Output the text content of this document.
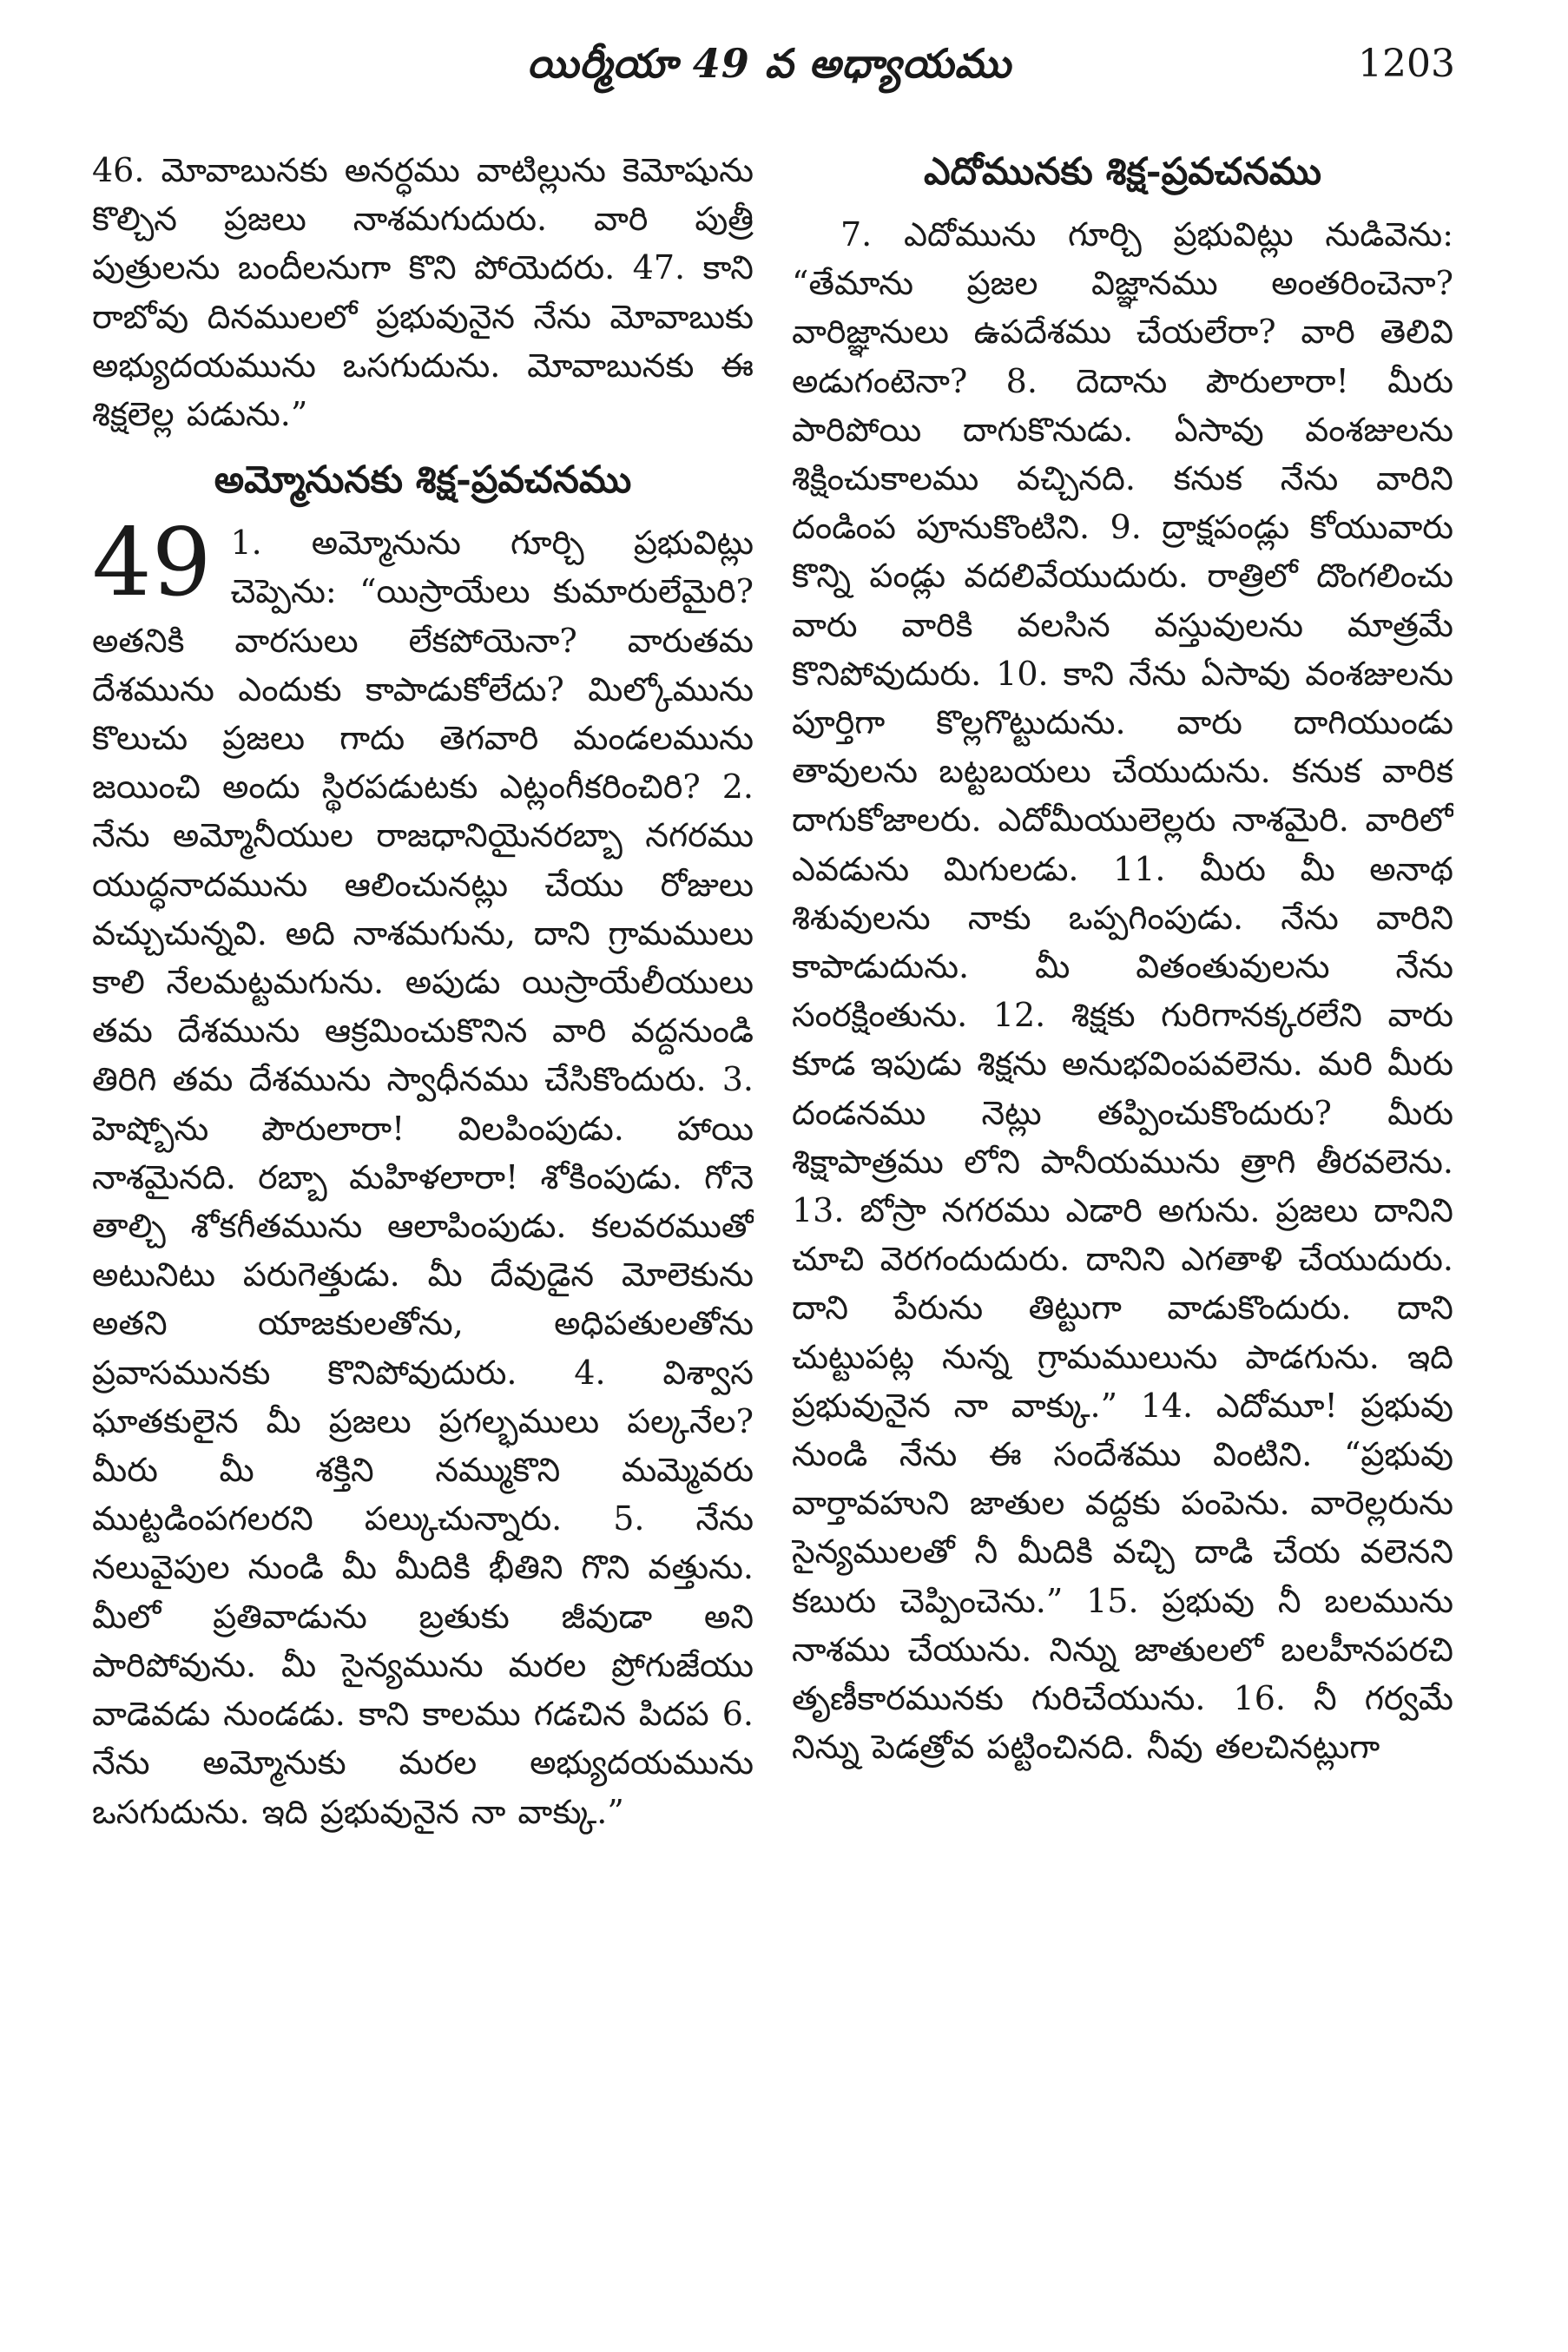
యిర్మీయా 49 వ అధ్యాయము	1203

46. మోవాబునకు అనర్ధము వాటిల్లును కెమోషును కొల్చిన ప్రజలు నాశమగుదురు. వారి పుత్రీ పుత్రులను బందీలనుగా కొని పోయెదరు. 47. కాని రాబోవు దినములలో ప్రభువునైన నేను మోవాబుకు అభ్యుదయమును ఒసగుదును. మోవాబునకు ఈ శిక్షలెల్ల పడును.”

అమ్మోనునకు శిక్ష-ప్రవచనము
49 1. అమ్మోనును గూర్చి ప్రభువిట్లు చెప్పెను: “యిస్రాయేలు కుమారులేమైరి? అతనికి వారసులు లేకపోయెనా? వారుతమ దేశమును ఎందుకు కాపాడుకోలేదు? మిల్కోమును కొలుచు ప్రజలు గాదు తెగవారి మండలమును జయించి అందు స్థిరపడుటకు ఎట్లంగీకరించిరి? 2. నేను అమ్మోనీయుల రాజధానియైనరబ్బా నగరము యుద్ధనాదమును ఆలించునట్లు చేయు రోజులు వచ్చుచున్నవి. అది నాశమగును, దాని గ్రామములు కాలి నేలమట్టమగును. అపుడు యిస్రాయేలీయులు తమ దేశమును ఆక్రమించుకొనిన వారి వద్దనుండి తిరిగి తమ దేశమును స్వాధీనము చేసికొందురు. 3. హెష్బోను పౌరులారా! విలపింపుడు. హాయి నాశమైనది. రబ్బా మహిళలారా! శోకింపుడు. గోనె తాల్చి శోకగీతమును ఆలాపింపుడు. కలవరముతో అటునిటు పరుగెత్తుడు. మీ దేవుడైన మోలెకును అతని యాజకులతోను, అధిపతులతోను ప్రవాసమునకు కొనిపోవుదురు. 4. విశ్వాస ఘాతకులైన మీ ప్రజలు ప్రగల్భములు పల్కనేల? మీరు మీ శక్తిని నమ్ముకొని మమ్మెవరు ముట్టడింపగలరని పల్కుచున్నారు. 5. నేను నలువైపుల నుండి మీ మీదికి భీతిని గొని వత్తును. మీలో ప్రతివాడును బ్రతుకు జీవుడా అని పారిపోవును. మీ సైన్యమును మరల ప్రోగుజేయు వాడెవడు నుండడు. కాని కాలము గడచిన పిదప 6. నేను అమ్మోనుకు మరల అభ్యుదయమును ఒసగుదును. ఇది ప్రభువునైన నా వాక్కు.”

ఎదోమునకు శిక్ష-ప్రవచనము

7. ఎదోమును గూర్చి ప్రభువిట్లు నుడివెను: “తేమాను ప్రజల విజ్ఞానము అంతరించెనా? వారిజ్ఞానులు ఉపదేశము చేయలేరా? వారి తెలివి అడుగంటెనా? 8. దెదాను పౌరులారా! మీరు పారిపోయి దాగుకొనుడు. ఏసావు వంశజులను శిక్షించుకాలము వచ్చినది. కనుక నేను వారిని దండింప పూనుకొంటిని. 9. ద్రాక్షపండ్లు కోయువారు కొన్ని పండ్లు వదలివేయుదురు. రాత్రిలో దొంగలించు వారు వారికి వలసిన వస్తువులను మాత్రమే కొనిపోవుదురు. 10. కాని నేను ఏసావు వంశజులను పూర్తిగా కొల్లగొట్టుదును. వారు దాగియుండు తావులను బట్టబయలు చేయుదును. కనుక వారిక దాగుకోజాలరు. ఎదోమీయులెల్లరు నాశమైరి. వారిలో ఎవడును మిగులడు. 11. మీరు మీ అనాథ శిశువులను నాకు ఒప్పగింపుడు. నేను వారిని కాపాడుదును. మీ వితంతువులను నేను సంరక్షింతును. 12. శిక్షకు గురిగానక్కరలేని వారు కూడ ఇపుడు శిక్షను అనుభవింపవలెను. మరి మీరు దండనము నెట్లు తప్పించుకొందురు? మీరు శిక్షాపాత్రము లోని పానీయమును త్రాగి తీరవలెను. 13. బోస్రా నగరము ఎడారి అగును. ప్రజలు దానిని చూచి వెరగందుదురు. దానిని ఎగతాళి చేయుదురు. దాని పేరును తిట్టుగా వాడుకొందురు. దాని చుట్టుపట్ల నున్న గ్రామములును పాడగును. ఇది ప్రభువునైన నా వాక్కు.” 14. ఎదోమూ! ప్రభువు నుండి నేను ఈ సందేశము వింటిని. “ప్రభువు వార్తావహుని జాతుల వద్దకు పంపెను. వారెల్లరును సైన్యములతో నీ మీదికి వచ్చి దాడి చేయ వలెనని కబురు చెప్పించెను.” 15. ప్రభువు నీ బలమును నాశము చేయును. నిన్ను జాతులలో బలహీనపరచి తృణీకారమునకు గురిచేయును. 16. నీ గర్వమే నిన్ను పెడత్రోవ పట్టించినది. నీవు తలచినట్లుగా
